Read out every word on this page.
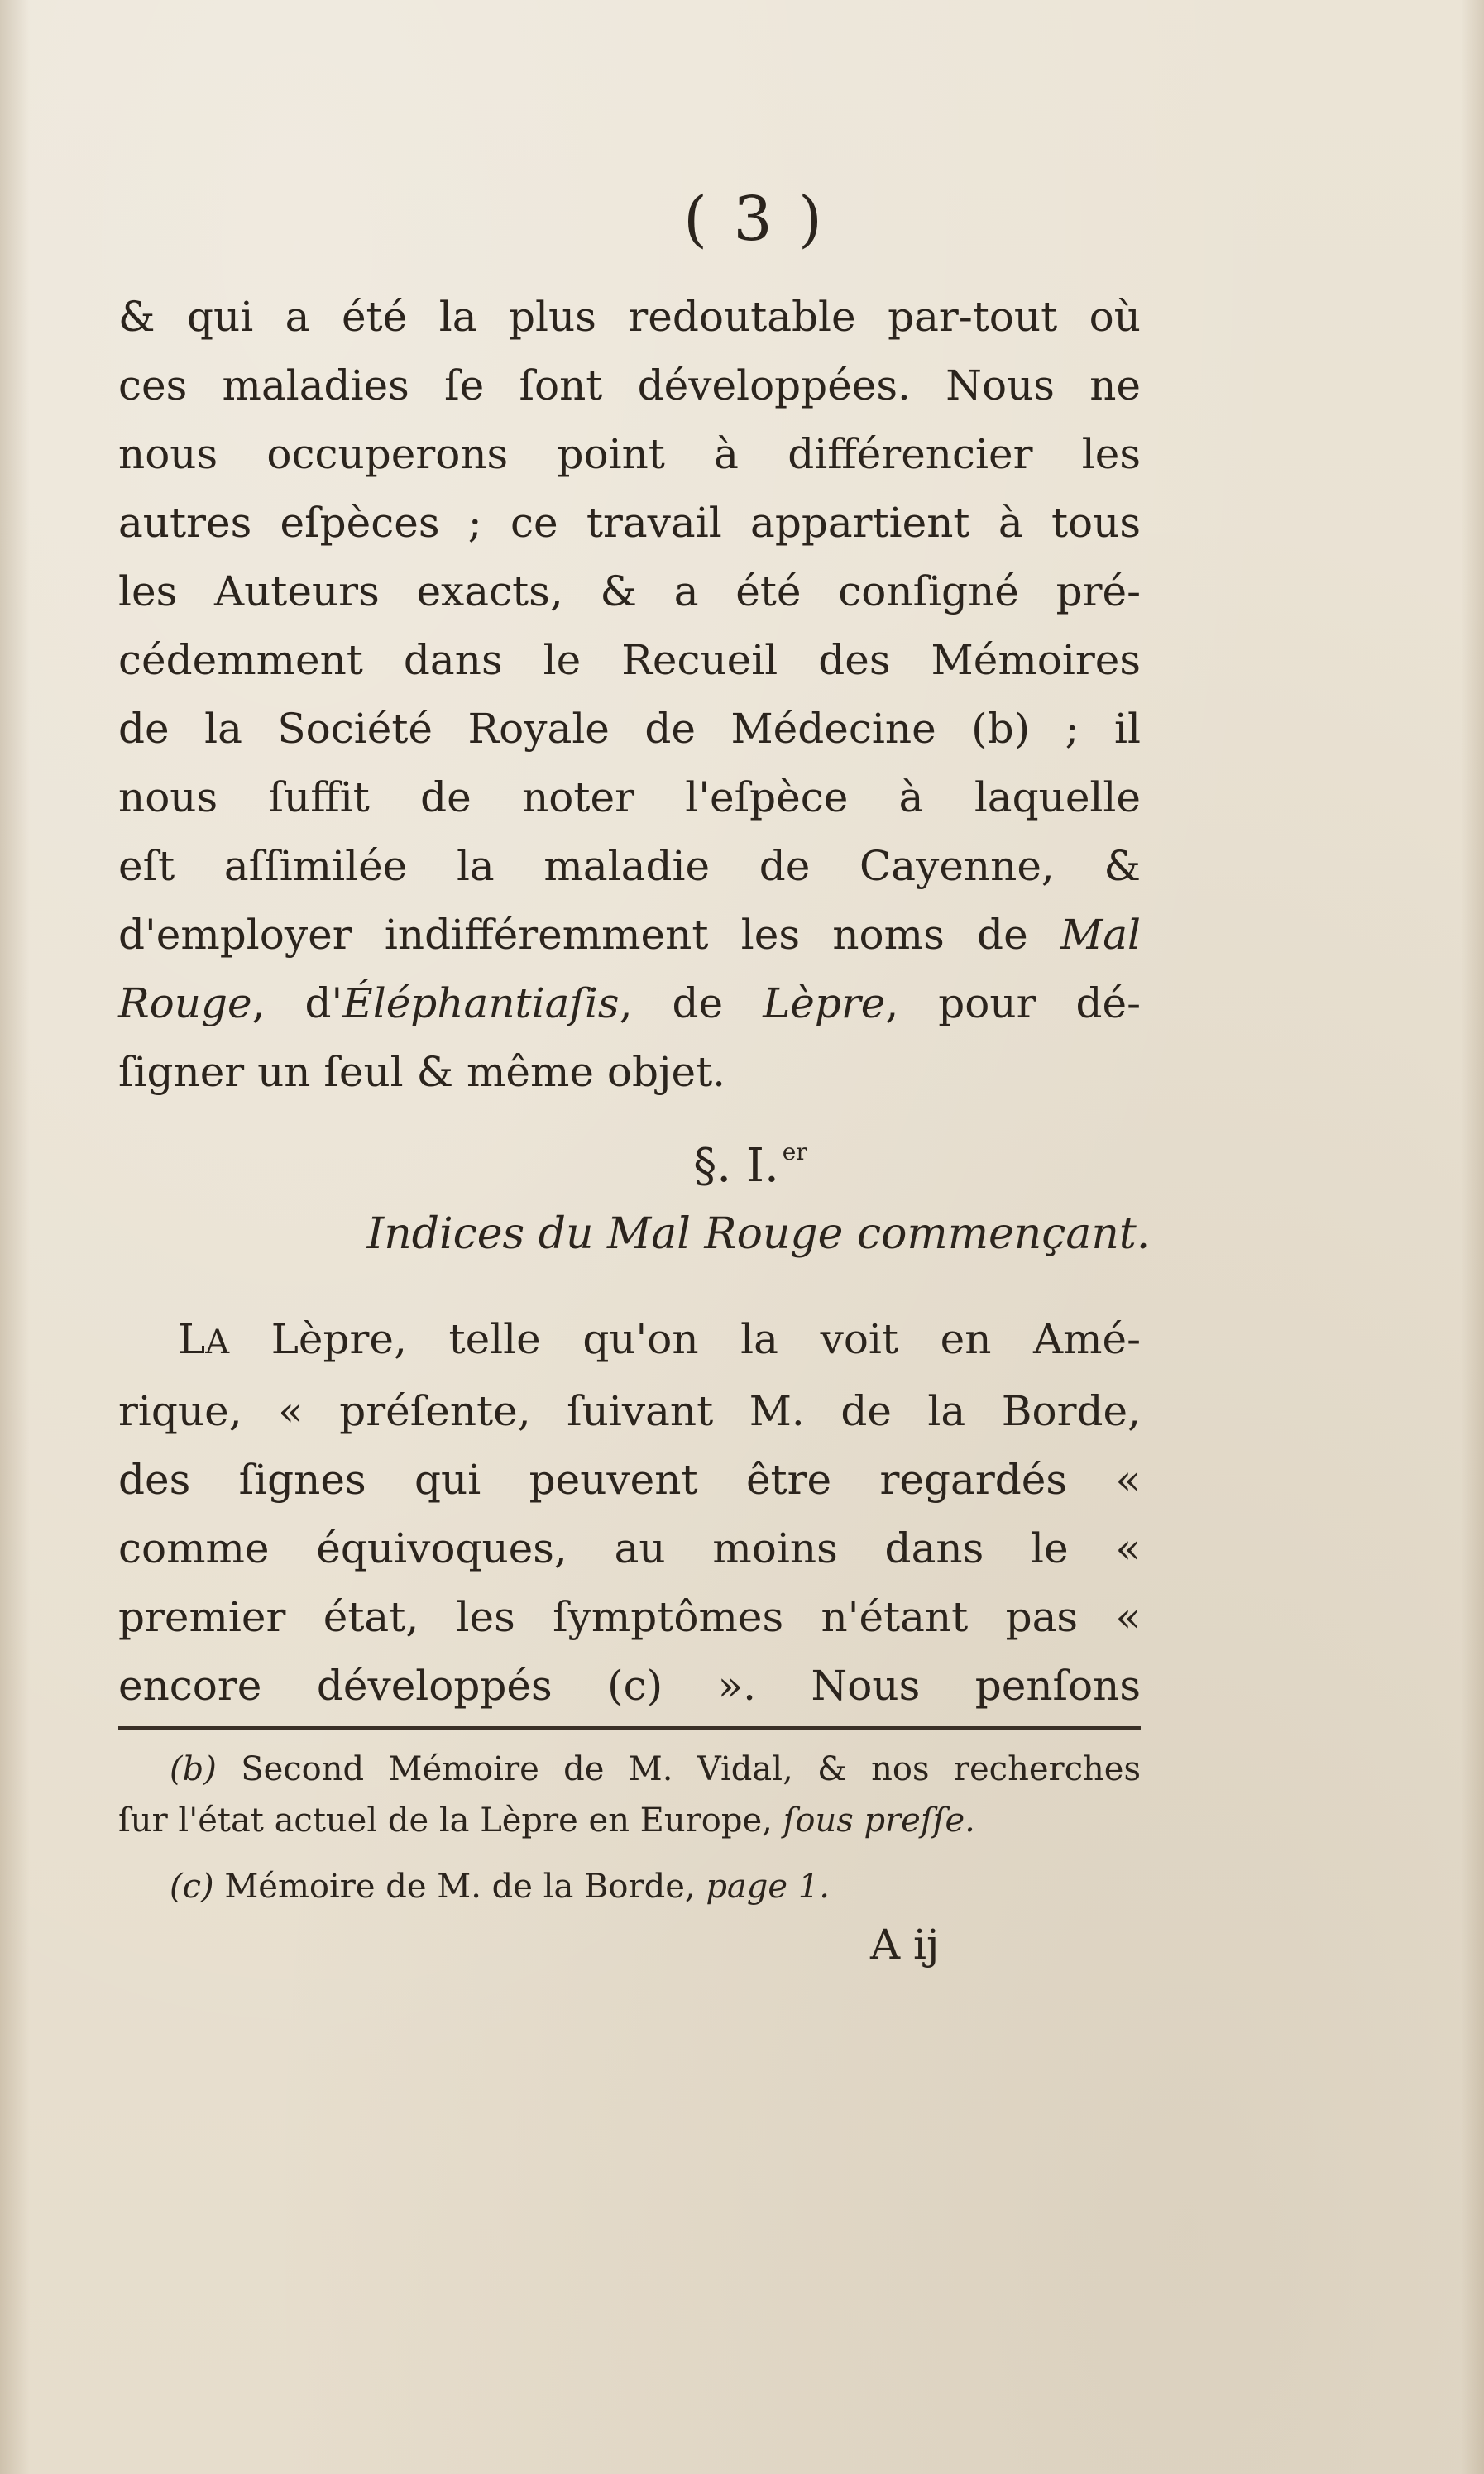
( 3 )
& qui a été la plus redoutable par-tout où
ces maladies ſe ſont développées. Nous ne
nous occuperons point à différencier les
autres eſpèces ; ce travail appartient à tous
les Auteurs exacts, & a été conſigné pré-
cédemment dans le Recueil des Mémoires
de la Société Royale de Médecine (b) ; il
nous ſuffit de noter l'eſpèce à laquelle
eſt aſſimilée la maladie de Cayenne, &
d'employer indifféremment les noms de Mal
Rouge, d'Éléphantiaſis, de Lèpre, pour dé-
ſigner un ſeul & même objet.
§. I. $^{er}$
Indices du Mal Rouge commençant.
LA Lèpre, telle qu'on la voit en Amé-
rique, « préſente, ſuivant M. de la Borde,
des ſignes qui peuvent être regardés «
comme équivoques, au moins dans le «
premier état, les ſymptômes n'étant pas «
encore développés (c) ». Nous penſons
(b) Second Mémoire de M. Vidal, & nos recherches
ſur l'état actuel de la Lèpre en Europe, ſous preſſe.
(c) Mémoire de M. de la Borde, page 1.
A ij
